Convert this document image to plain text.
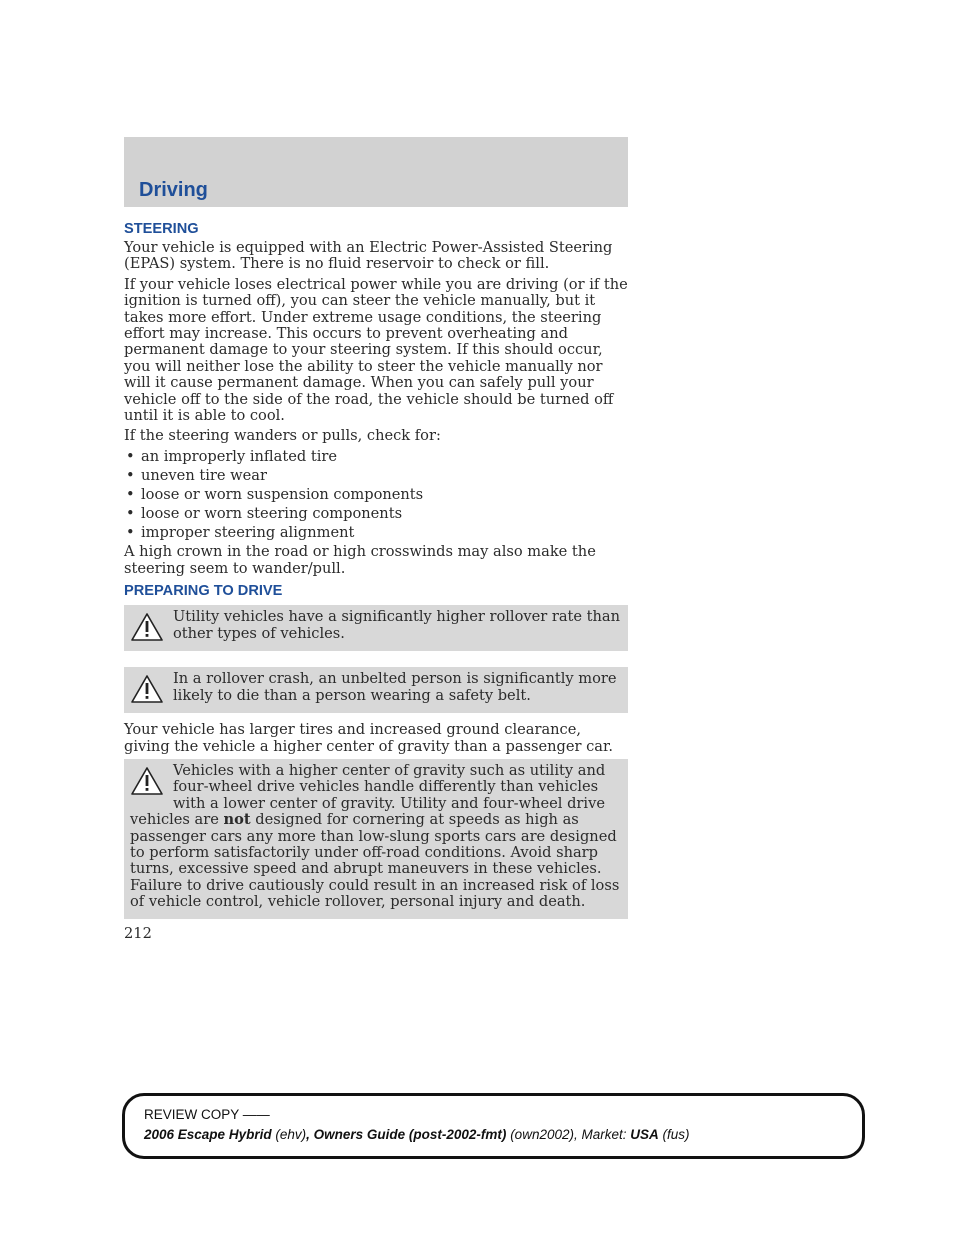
Driving
STEERING

Your vehicle is equipped with an Electric Power-Assisted Steering (EPAS) system. There is no fluid reservoir to check or fill.

If your vehicle loses electrical power while you are driving (or if the ignition is turned off), you can steer the vehicle manually, but it takes more effort. Under extreme usage conditions, the steering effort may increase. This occurs to prevent overheating and permanent damage to your steering system. If this should occur, you will neither lose the ability to steer the vehicle manually nor will it cause permanent damage. When you can safely pull your vehicle off to the side of the road, the vehicle should be turned off until it is able to cool.

If the steering wanders or pulls, check for:

• an improperly inflated tire
• uneven tire wear
• loose or worn suspension components
• loose or worn steering components
• improper steering alignment

A high crown in the road or high crosswinds may also make the steering seem to wander/pull.

PREPARING TO DRIVE

Utility vehicles have a significantly higher rollover rate than other types of vehicles.

In a rollover crash, an unbelted person is significantly more likely to die than a person wearing a safety belt.

Your vehicle has larger tires and increased ground clearance, giving the vehicle a higher center of gravity than a passenger car.

Vehicles with a higher center of gravity such as utility and four-wheel drive vehicles handle differently than vehicles with a lower center of gravity. Utility and four-wheel drive vehicles are not designed for cornering at speeds as high as passenger cars any more than low-slung sports cars are designed to perform satisfactorily under off-road conditions. Avoid sharp turns, excessive speed and abrupt maneuvers in these vehicles. Failure to drive cautiously could result in an increased risk of loss of vehicle control, vehicle rollover, personal injury and death.

212
REVIEW COPY ——
2006 Escape Hybrid (ehv), Owners Guide (post-2002-fmt) (own2002), Market: USA (fus)
